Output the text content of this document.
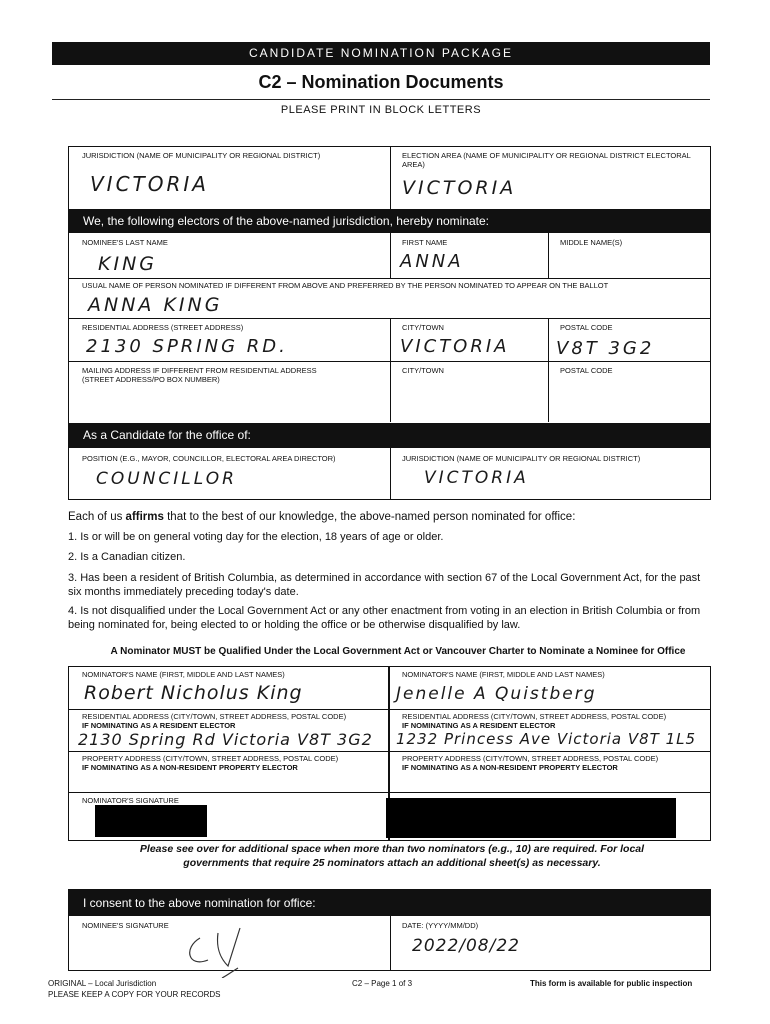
CANDIDATE NOMINATION PACKAGE
C2 – Nomination Documents
PLEASE PRINT IN BLOCK LETTERS
JURISDICTION (NAME OF MUNICIPALITY OR REGIONAL DISTRICT)
VICTORIA
ELECTION AREA (NAME OF MUNICIPALITY OR REGIONAL DISTRICT ELECTORAL AREA)
VICTORIA
We, the following electors of the above-named jurisdiction, hereby nominate:
NOMINEE'S LAST NAME
KING
FIRST NAME
ANNA
MIDDLE NAME(S)
USUAL NAME OF PERSON NOMINATED IF DIFFERENT FROM ABOVE AND PREFERRED BY THE PERSON NOMINATED TO APPEAR ON THE BALLOT
ANNA KING
RESIDENTIAL ADDRESS (STREET ADDRESS)
2130 SPRING RD.
CITY/TOWN
VICTORIA
POSTAL CODE
V8T 3G2
MAILING ADDRESS IF DIFFERENT FROM RESIDENTIAL ADDRESS
(STREET ADDRESS/PO BOX NUMBER)
CITY/TOWN	POSTAL CODE
As a Candidate for the office of:
POSITION (E.G., MAYOR, COUNCILLOR, ELECTORAL AREA DIRECTOR)
COUNCILLOR
JURISDICTION (NAME OF MUNICIPALITY OR REGIONAL DISTRICT)
VICTORIA
Each of us affirms that to the best of our knowledge, the above-named person nominated for office:
1. Is or will be on general voting day for the election, 18 years of age or older.
2. Is a Canadian citizen.
3. Has been a resident of British Columbia, as determined in accordance with section 67 of the Local Government Act, for the past six months immediately preceding today's date.
4. Is not disqualified under the Local Government Act or any other enactment from voting in an election in British Columbia or from being nominated for, being elected to or holding the office or be otherwise disqualified by law.
A Nominator MUST be Qualified Under the Local Government Act or Vancouver Charter to Nominate a Nominee for Office
NOMINATOR'S NAME (FIRST, MIDDLE AND LAST NAMES)
Robert Nicholus King
RESIDENTIAL ADDRESS (CITY/TOWN, STREET ADDRESS, POSTAL CODE)
IF NOMINATING AS A RESIDENT ELECTOR
2130 Spring Rd Victoria V8T 3G2
PROPERTY ADDRESS (CITY/TOWN, STREET ADDRESS, POSTAL CODE)
IF NOMINATING AS A NON-RESIDENT PROPERTY ELECTOR
NOMINATOR'S SIGNATURE
NOMINATOR'S NAME (FIRST, MIDDLE AND LAST NAMES)
Jenelle A Quistberg
RESIDENTIAL ADDRESS (CITY/TOWN, STREET ADDRESS, POSTAL CODE)
IF NOMINATING AS A RESIDENT ELECTOR
1232 Princess Ave Victoria V8T 1L5
PROPERTY ADDRESS (CITY/TOWN, STREET ADDRESS, POSTAL CODE)
IF NOMINATING AS A NON-RESIDENT PROPERTY ELECTOR
Please see over for additional space when more than two nominators (e.g., 10) are required. For local governments that require 25 nominators attach an additional sheet(s) as necessary.
I consent to the above nomination for office:
NOMINEE'S SIGNATURE	DATE: (YYYY/MM/DD)
2022/08/22
ORIGINAL – Local Jurisdiction
PLEASE KEEP A COPY FOR YOUR RECORDS
C2 – Page 1 of 3	This form is available for public inspection
